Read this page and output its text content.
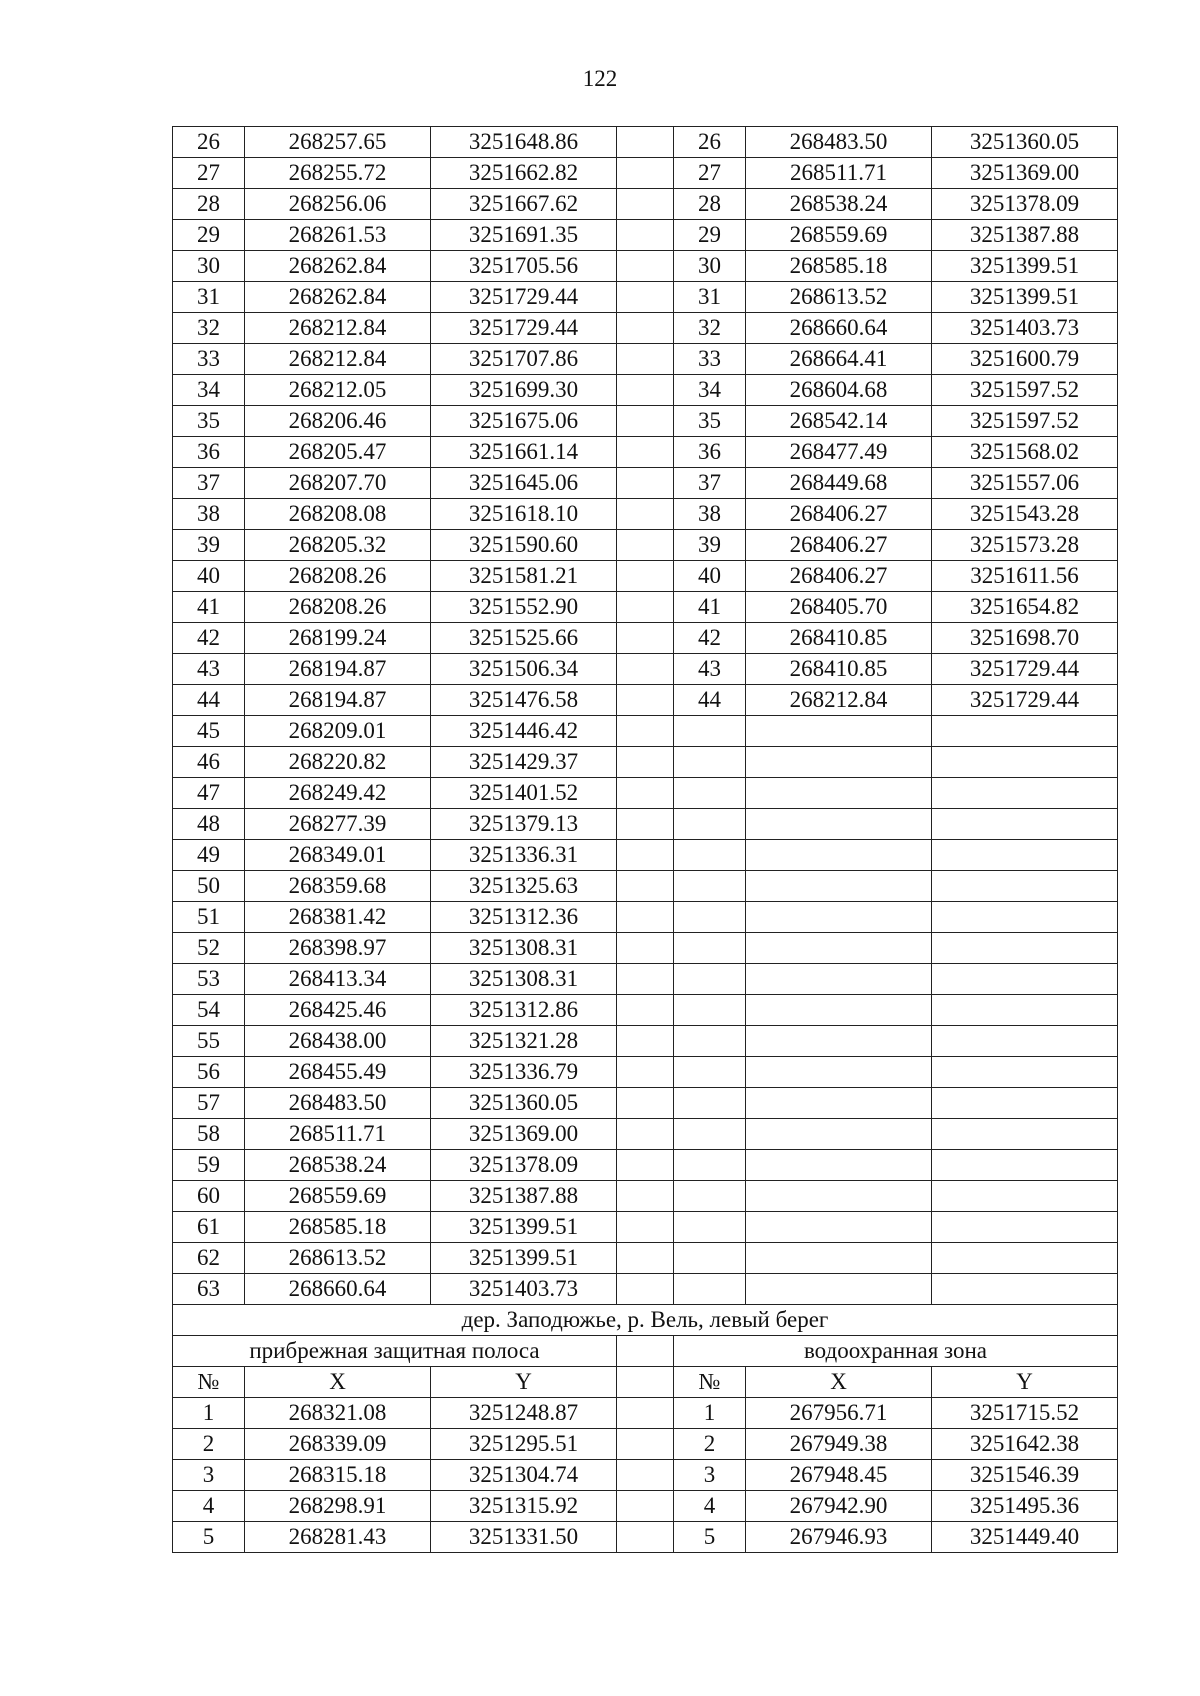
122
26	268257.65	3251648.86		26	268483.50	3251360.05
27	268255.72	3251662.82		27	268511.71	3251369.00
28	268256.06	3251667.62		28	268538.24	3251378.09
29	268261.53	3251691.35		29	268559.69	3251387.88
30	268262.84	3251705.56		30	268585.18	3251399.51
31	268262.84	3251729.44		31	268613.52	3251399.51
32	268212.84	3251729.44		32	268660.64	3251403.73
33	268212.84	3251707.86		33	268664.41	3251600.79
34	268212.05	3251699.30		34	268604.68	3251597.52
35	268206.46	3251675.06		35	268542.14	3251597.52
36	268205.47	3251661.14		36	268477.49	3251568.02
37	268207.70	3251645.06		37	268449.68	3251557.06
38	268208.08	3251618.10		38	268406.27	3251543.28
39	268205.32	3251590.60		39	268406.27	3251573.28
40	268208.26	3251581.21		40	268406.27	3251611.56
41	268208.26	3251552.90		41	268405.70	3251654.82
42	268199.24	3251525.66		42	268410.85	3251698.70
43	268194.87	3251506.34		43	268410.85	3251729.44
44	268194.87	3251476.58		44	268212.84	3251729.44
45	268209.01	3251446.42				
46	268220.82	3251429.37				
47	268249.42	3251401.52				
48	268277.39	3251379.13				
49	268349.01	3251336.31				
50	268359.68	3251325.63				
51	268381.42	3251312.36				
52	268398.97	3251308.31				
53	268413.34	3251308.31				
54	268425.46	3251312.86				
55	268438.00	3251321.28				
56	268455.49	3251336.79				
57	268483.50	3251360.05				
58	268511.71	3251369.00				
59	268538.24	3251378.09				
60	268559.69	3251387.88				
61	268585.18	3251399.51				
62	268613.52	3251399.51				
63	268660.64	3251403.73				
дер. Заподюжье, р. Вель, левый берег						
прибрежная защитная полоса				водоохранная зона		
№	X	Y		№	X	Y
1	268321.08	3251248.87		1	267956.71	3251715.52
2	268339.09	3251295.51		2	267949.38	3251642.38
3	268315.18	3251304.74		3	267948.45	3251546.39
4	268298.91	3251315.92		4	267942.90	3251495.36
5	268281.43	3251331.50		5	267946.93	3251449.40
